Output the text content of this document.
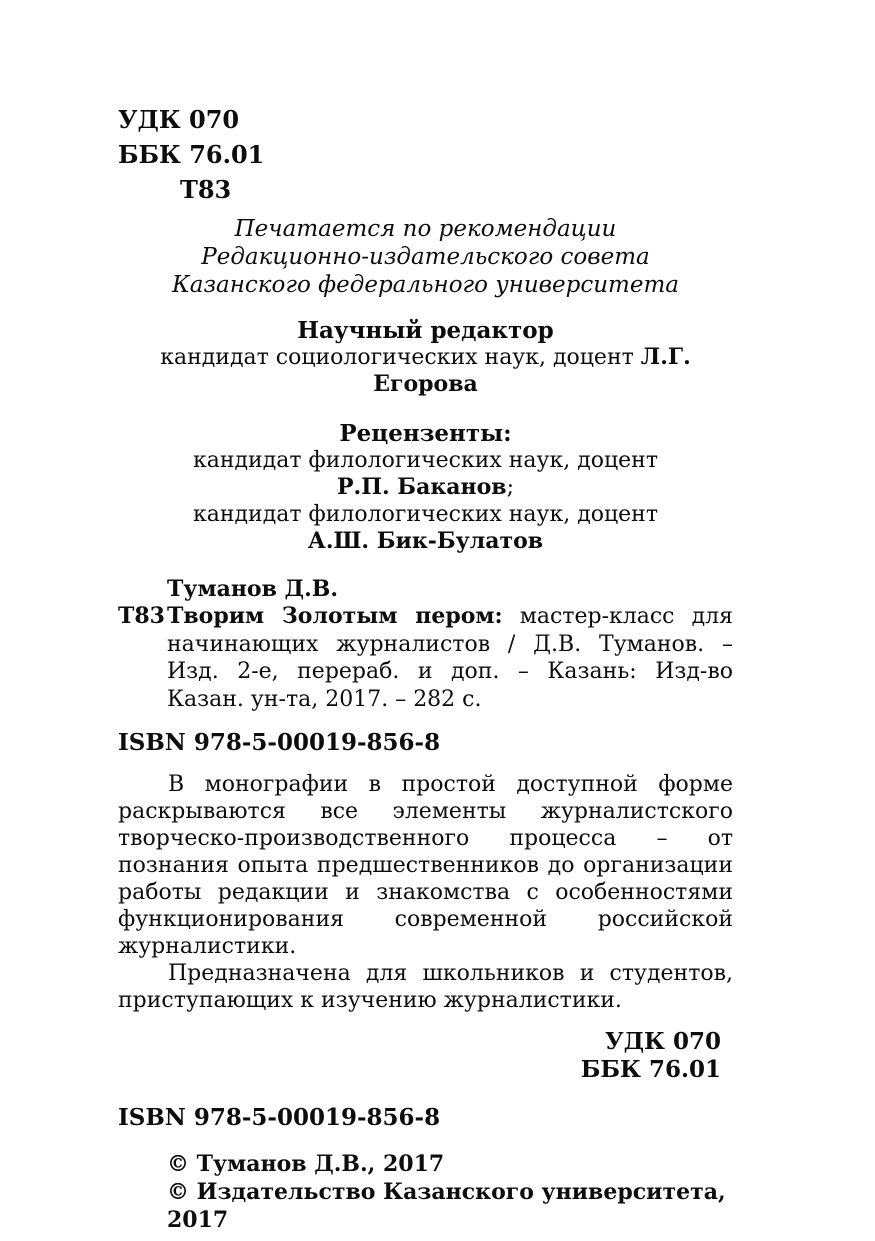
УДК 070
ББК 76.01
Т83
Печатается по рекомендации
Редакционно-издательского совета
Казанского федерального университета
Научный редактор
кандидат социологических наук, доцент Л.Г. Егорова
Рецензенты:
кандидат филологических наук, доцент
Р.П. Баканов;
кандидат филологических наук, доцент
А.Ш. Бик-Булатов
Туманов Д.В.
Т83 Творим Золотым пером: мастер-класс для начинающих журналистов / Д.В. Туманов. – Изд. 2-е, перераб. и доп. – Казань: Изд-во Казан. ун-та, 2017. – 282 с.
ISBN 978-5-00019-856-8

В монографии в простой доступной форме раскрываются все элементы журналистского творческо-производственного процесса – от познания опыта предшественников до организации работы редакции и знакомства с особенностями функционирования современной российской журналистики.

Предназначена для школьников и студентов, приступающих к изучению журналистики.

УДК 070
ББК 76.01
ISBN 978-5-00019-856-8
© Туманов Д.В., 2017
© Издательство Казанского университета, 2017
